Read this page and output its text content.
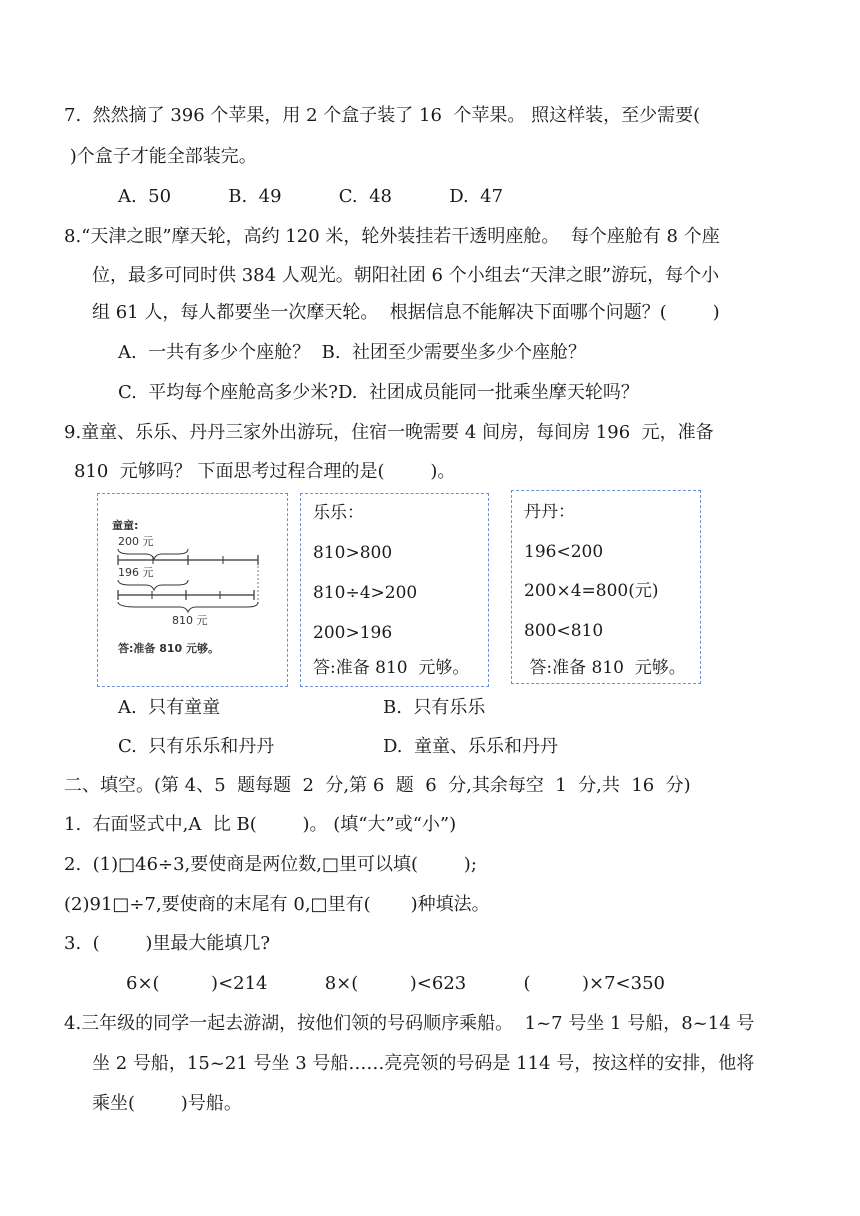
7.  然然摘了 396 个苹果，用 2 个盒子装了 16  个苹果。 照这样装，至少需要(
)个盒子才能全部装完。
A.  50          B.  49          C.  48          D.  47
8.“天津之眼”摩天轮，高约 120 米，轮外装挂若干透明座舱。  每个座舱有 8 个座
位，最多可同时供 384 人观光。朝阳社团 6 个小组去“天津之眼”游玩，每个小
组 61 人，每人都要坐一次摩天轮。  根据信息不能解决下面哪个问题？(        )
A.  一共有多少个座舱？  B.  社团至少需要坐多少个座舱？
C.  平均每个座舱高多少米?D.  社团成员能同一批乘坐摩天轮吗？
9.童童、乐乐、丹丹三家外出游玩，住宿一晚需要 4 间房，每间房 196  元，准备
810  元够吗？ 下面思考过程合理的是(        )。
童童:
200 元
196 元
810 元
答:准备 810 元够。
乐乐：
810>800
810÷4>200
200>196
答:准备 810  元够。
丹丹：
196<200
200×4=800(元)
800<810
答:准备 810  元够。
A.  只有童童	B.  只有乐乐
C.  只有乐乐和丹丹	D.  童童、乐乐和丹丹
二、填空。(第 4、5  题每题  2  分,第 6  题  6  分,其余每空  1  分,共  16  分)
1.  右面竖式中,A  比 B(        )。 (填“大”或“小”)
2.  (1)□46÷3,要使商是两位数,□里可以填(        );
(2)91□÷7,要使商的末尾有 0,□里有(       )种填法。
3.  (        )里最大能填几?
6×(         )<214          8×(         )<623          (         )×7<350
4.三年级的同学一起去游湖，按他们领的号码顺序乘船。  1~7 号坐 1 号船，8~14 号
坐 2 号船，15~21 号坐 3 号船……亮亮领的号码是 114 号，按这样的安排，他将
乘坐(        )号船。
